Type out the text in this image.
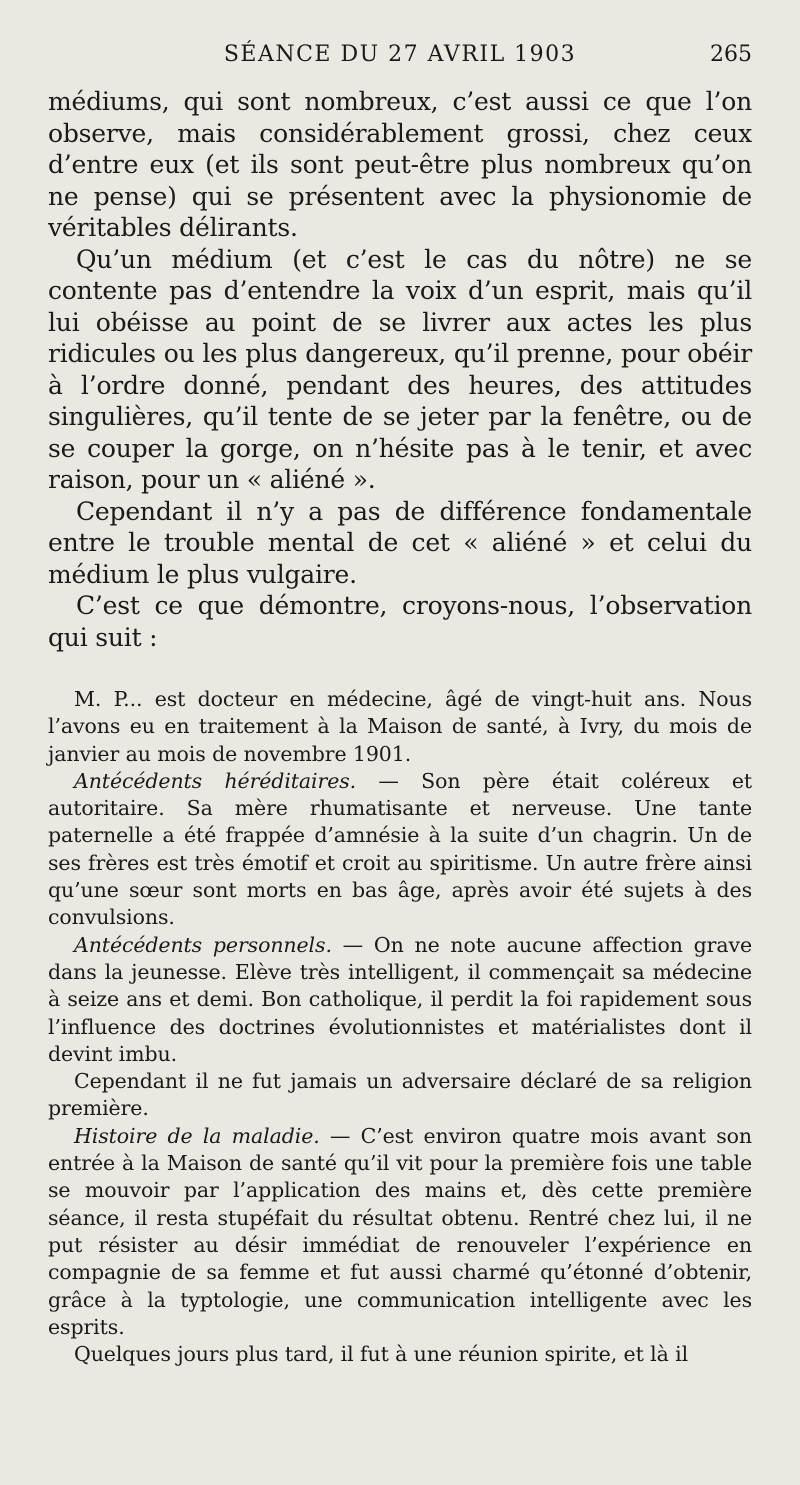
SÉANCE DU 27 AVRIL 1903	265

médiums, qui sont nombreux, c’est aussi ce que l’on observe, mais considérablement grossi, chez ceux d’entre eux (et ils sont peut-être plus nombreux qu’on ne pense) qui se présentent avec la physionomie de véritables délirants.

Qu’un médium (et c’est le cas du nôtre) ne se contente pas d’entendre la voix d’un esprit, mais qu’il lui obéisse au point de se livrer aux actes les plus ridicules ou les plus dangereux, qu’il prenne, pour obéir à l’ordre donné, pendant des heures, des attitudes singulières, qu’il tente de se jeter par la fenêtre, ou de se couper la gorge, on n’hésite pas à le tenir, et avec raison, pour un « aliéné ».

Cependant il n’y a pas de différence fondamentale entre le trouble mental de cet « aliéné » et celui du médium le plus vulgaire.

C’est ce que démontre, croyons-nous, l’observation qui suit :

M. P... est docteur en médecine, âgé de vingt-huit ans. Nous l’avons eu en traitement à la Maison de santé, à Ivry, du mois de janvier au mois de novembre 1901.

Antécédents héréditaires. — Son père était coléreux et autoritaire. Sa mère rhumatisante et nerveuse. Une tante paternelle a été frappée d’amnésie à la suite d’un chagrin. Un de ses frères est très émotif et croit au spiritisme. Un autre frère ainsi qu’une sœur sont morts en bas âge, après avoir été sujets à des convulsions.

Antécédents personnels. — On ne note aucune affection grave dans la jeunesse. Elève très intelligent, il commençait sa médecine à seize ans et demi. Bon catholique, il perdit la foi rapidement sous l’influence des doctrines évolutionnistes et matérialistes dont il devint imbu.

Cependant il ne fut jamais un adversaire déclaré de sa religion première.

Histoire de la maladie. — C’est environ quatre mois avant son entrée à la Maison de santé qu’il vit pour la première fois une table se mouvoir par l’application des mains et, dès cette première séance, il resta stupéfait du résultat obtenu. Rentré chez lui, il ne put résister au désir immédiat de renouveler l’expérience en compagnie de sa femme et fut aussi charmé qu’étonné d’obtenir, grâce à la typtologie, une communication intelligente avec les esprits.

Quelques jours plus tard, il fut à une réunion spirite, et là il
